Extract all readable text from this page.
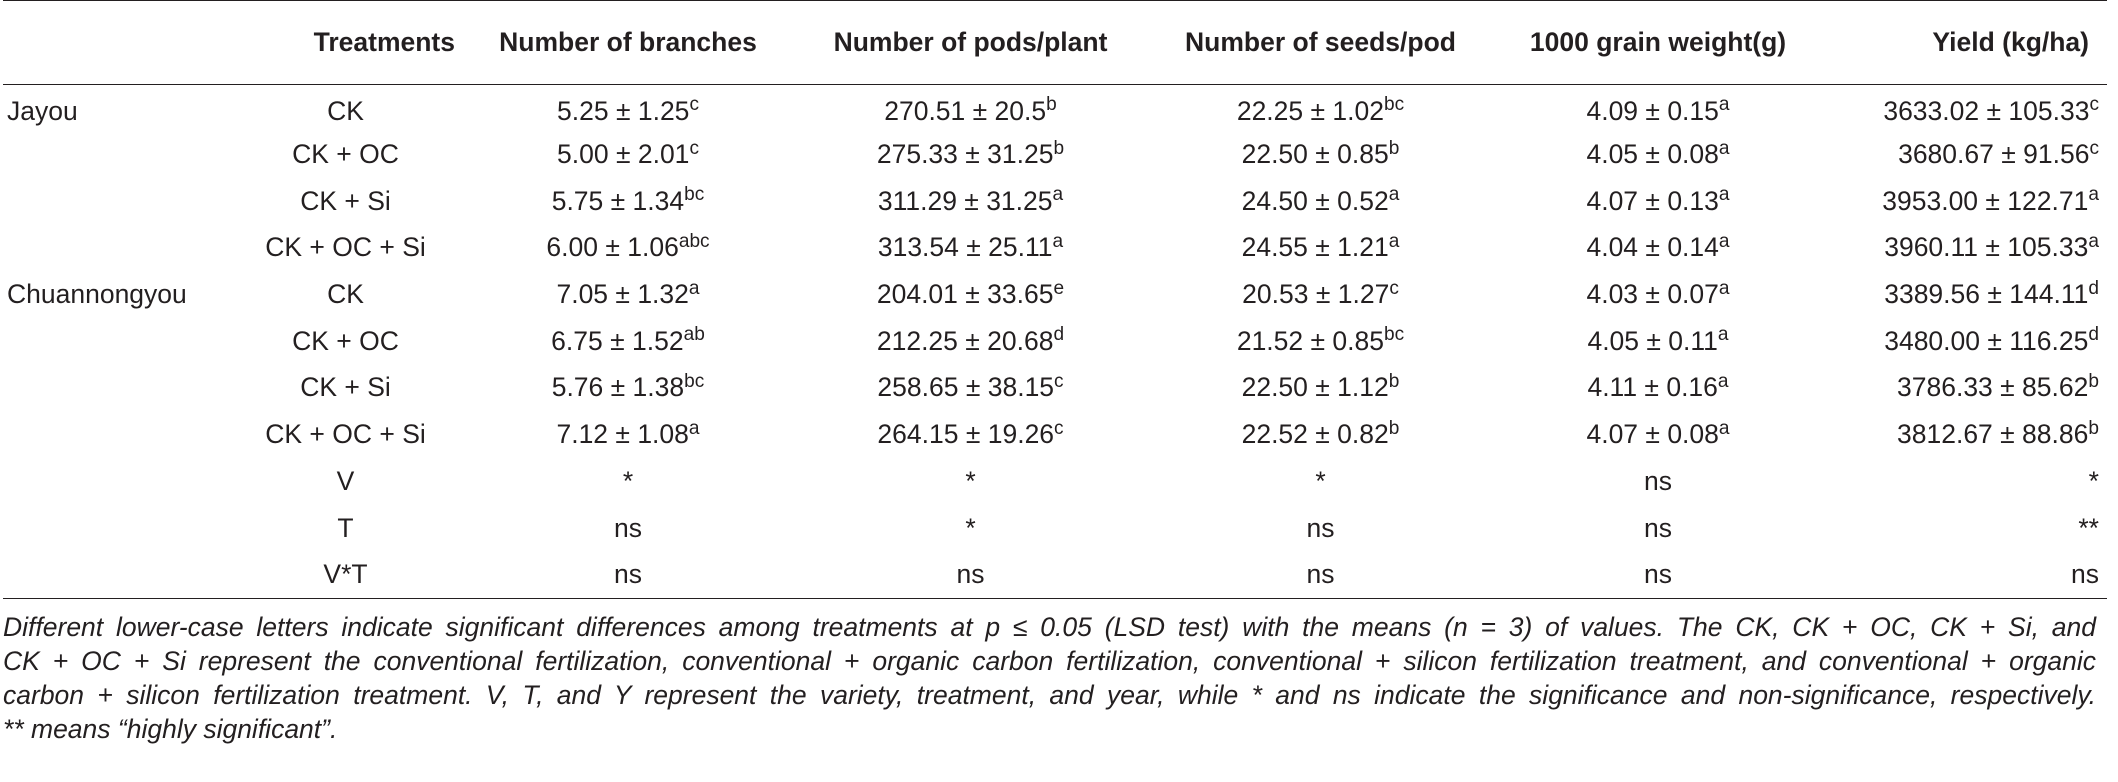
	Treatments	Number of branches	Number of pods/plant	Number of seeds/pod	1000 grain weight(g)	Yield (kg/ha)
Jayou	CK	5.25 ± 1.25$^c$	270.51 ± 20.5$^b$	22.25 ± 1.02$^{bc}$	4.09 ± 0.15$^a$	3633.02 ± 105.33$^c$
	CK + OC	5.00 ± 2.01$^c$	275.33 ± 31.25$^b$	22.50 ± 0.85$^b$	4.05 ± 0.08$^a$	3680.67 ± 91.56$^c$
	CK + Si	5.75 ± 1.34$^{bc}$	311.29 ± 31.25$^a$	24.50 ± 0.52$^a$	4.07 ± 0.13$^a$	3953.00 ± 122.71$^a$
	CK + OC + Si	6.00 ± 1.06$^{abc}$	313.54 ± 25.11$^a$	24.55 ± 1.21$^a$	4.04 ± 0.14$^a$	3960.11 ± 105.33$^a$
Chuannongyou	CK	7.05 ± 1.32$^a$	204.01 ± 33.65$^e$	20.53 ± 1.27$^c$	4.03 ± 0.07$^a$	3389.56 ± 144.11$^d$
	CK + OC	6.75 ± 1.52$^{ab}$	212.25 ± 20.68$^d$	21.52 ± 0.85$^{bc}$	4.05 ± 0.11$^a$	3480.00 ± 116.25$^d$
	CK + Si	5.76 ± 1.38$^{bc}$	258.65 ± 38.15$^c$	22.50 ± 1.12$^b$	4.11 ± 0.16$^a$	3786.33 ± 85.62$^b$
	CK + OC + Si	7.12 ± 1.08$^a$	264.15 ± 19.26$^c$	22.52 ± 0.82$^b$	4.07 ± 0.08$^a$	3812.67 ± 88.86$^b$
	V	*	*	*	ns	*
	T	ns	*	ns	ns	**
	V*T	ns	ns	ns	ns	ns
Different lower-case letters indicate significant differences among treatments at p ≤ 0.05 (LSD test) with the means (n = 3) of values. The CK, CK + OC, CK + Si, and
CK + OC + Si represent the conventional fertilization, conventional + organic carbon fertilization, conventional + silicon fertilization treatment, and conventional + organic
carbon + silicon fertilization treatment. V, T, and Y represent the variety, treatment, and year, while * and ns indicate the significance and non-significance, respectively.
** means “highly significant”.
